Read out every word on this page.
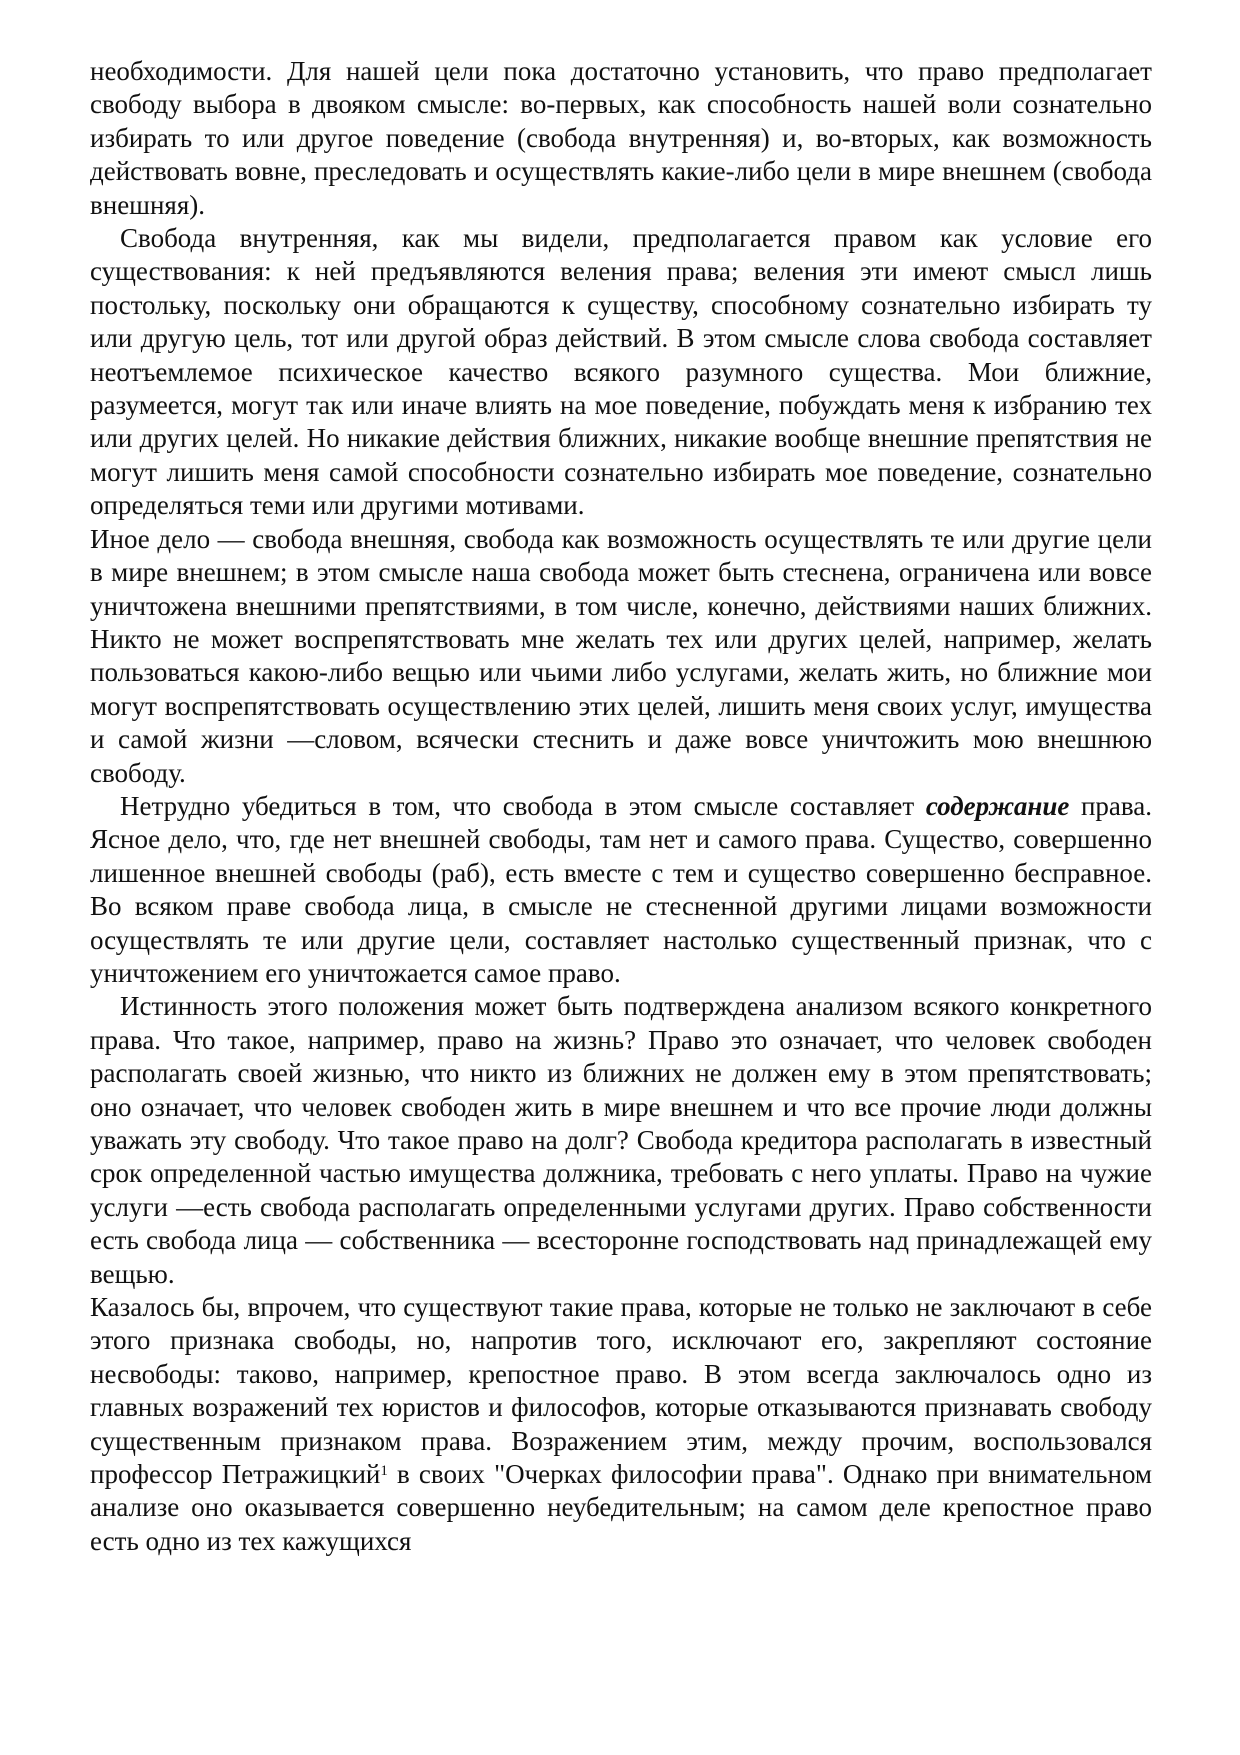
необходимости. Для нашей цели пока достаточно установить, что право предполагает свободу выбора в двояком смысле: во-первых, как способность нашей воли сознательно избирать то или другое поведение (свобода внутренняя) и, во-вторых, как возможность действовать вовне, преследовать и осуществлять какие-либо цели в мире внешнем (свобода внешняя).

Свобода внутренняя, как мы видели, предполагается правом как условие его существования: к ней предъявляются веления права; веления эти имеют смысл лишь постольку, поскольку они обращаются к существу, способному сознательно избирать ту или другую цель, тот или другой образ действий. В этом смысле слова свобода составляет неотъемлемое психическое качество всякого разумного существа. Мои ближние, разумеется, могут так или иначе влиять на мое поведение, побуждать меня к избранию тех или других целей. Но никакие действия ближних, никакие вообще внешние препятствия не могут лишить меня самой способности сознательно избирать мое поведение, сознательно определяться теми или другими мотивами.

Иное дело — свобода внешняя, свобода как возможность осуществлять те или другие цели в мире внешнем; в этом смысле наша свобода может быть стеснена, ограничена или вовсе уничтожена внешними препятствиями, в том числе, конечно, действиями наших ближних. Никто не может воспрепятствовать мне желать тех или других целей, например, желать пользоваться какою-либо вещью или чьими либо услугами, желать жить, но ближние мои могут воспрепятствовать осуществлению этих целей, лишить меня своих услуг, имущества и самой жизни —словом, всячески стеснить и даже вовсе уничтожить мою внешнюю свободу.

Нетрудно убедиться в том, что свобода в этом смысле составляет содержание права. Ясное дело, что, где нет внешней свободы, там нет и самого права. Существо, совершенно лишенное внешней свободы (раб), есть вместе с тем и существо совершенно бесправное. Во всяком праве свобода лица, в смысле не стесненной другими лицами возможности осуществлять те или другие цели, составляет настолько существенный признак, что с уничтожением его уничтожается самое право.

Истинность этого положения может быть подтверждена анализом всякого конкретного права. Что такое, например, право на жизнь? Право это означает, что человек свободен располагать своей жизнью, что никто из ближних не должен ему в этом препятствовать; оно означает, что человек свободен жить в мире внешнем и что все прочие люди должны уважать эту свободу. Что такое право на долг? Свобода кредитора располагать в известный срок определенной частью имущества должника, требовать с него уплаты. Право на чужие услуги —есть свобода располагать определенными услугами других. Право собственности есть свобода лица — собственника — всесторонне господствовать над принадлежащей ему вещью.

Казалось бы, впрочем, что существуют такие права, которые не только не заключают в себе этого признака свободы, но, напротив того, исключают его, закрепляют состояние несвободы: таково, например, крепостное право. В этом всегда заключалось одно из главных возражений тех юристов и философов, которые отказываются признавать свободу существенным признаком права. Возражением этим, между прочим, воспользовался профессор Петражицкий$^1$ в своих "Очерках философии права". Однако при внимательном анализе оно оказывается совершенно неубедительным; на самом деле крепостное право есть одно из тех кажущихся
